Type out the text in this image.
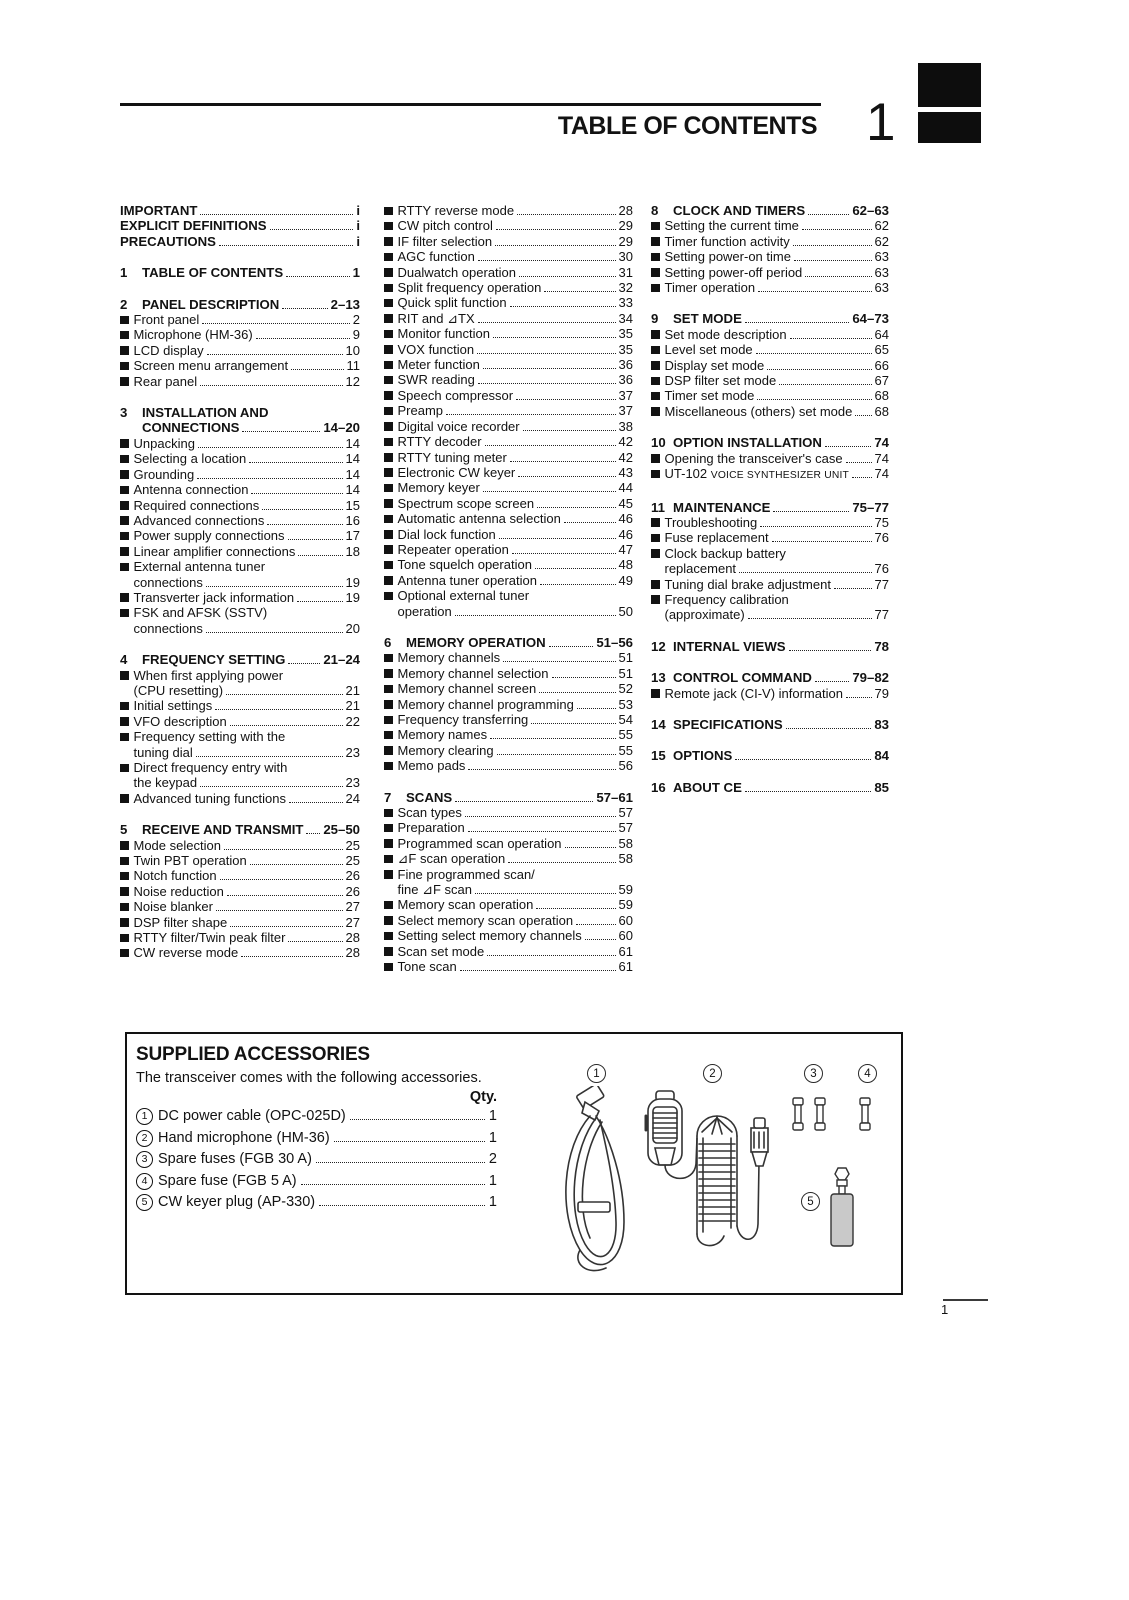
TABLE OF CONTENTS 1
IMPORTANT	i
EXPLICIT DEFINITIONS	i
PRECAUTIONS	i
1	TABLE OF CONTENTS	1
2	PANEL DESCRIPTION	2–13
Front panel	2
Microphone (HM-36)	9
LCD display	10
Screen menu arrangement	11
Rear panel	12
3	INSTALLATION AND
CONNECTIONS	14–20
Unpacking	14
Selecting a location	14
Grounding	14
Antenna connection	14
Required connections	15
Advanced connections	16
Power supply connections	17
Linear amplifier connections	18
External antenna tuner
connections	19
Transverter jack information	19
FSK and AFSK (SSTV)
connections	20
4	FREQUENCY SETTING	21–24
When first applying power
(CPU resetting)	21
Initial settings	21
VFO description	22
Frequency setting with the
tuning dial	23
Direct frequency entry with
the keypad	23
Advanced tuning functions	24
5	RECEIVE AND TRANSMIT 25–50
Mode selection	25
Twin PBT operation	25
Notch function	26
Noise reduction	26
Noise blanker	27
DSP filter shape	27
RTTY filter/Twin peak filter	28
CW reverse mode	28
RTTY reverse mode	28
CW pitch control	29
IF filter selection	29
AGC function	30
Dualwatch operation	31
Split frequency operation	32
Quick split function	33
RIT and ⊿TX	34
Monitor function	35
VOX function	35
Meter function	36
SWR reading	36
Speech compressor	37
Preamp	37
Digital voice recorder	38
RTTY decoder	42
RTTY tuning meter	42
Electronic CW keyer	43
Memory keyer	44
Spectrum scope screen	45
Automatic antenna selection	46
Dial lock function	46
Repeater operation	47
Tone squelch operation	48
Antenna tuner operation	49
Optional external tuner
operation	50
6	MEMORY OPERATION	51–56
Memory channels	51
Memory channel selection	51
Memory channel screen	52
Memory channel programming	53
Frequency transferring	54
Memory names	55
Memory clearing	55
Memo pads	56
7	SCANS	57–61
Scan types	57
Preparation	57
Programmed scan operation	58
⊿F scan operation	58
Fine programmed scan/
fine ⊿F scan	59
Memory scan operation	59
Select memory scan operation	60
Setting select memory channels	60
Scan set mode	61
Tone scan	61
8	CLOCK AND TIMERS	62–63
Setting the current time	62
Timer function activity	62
Setting power-on time	63
Setting power-off period	63
Timer operation	63
9	SET MODE	64–73
Set mode description	64
Level set mode	65
Display set mode	66
DSP filter set mode	67
Timer set mode	68
Miscellaneous (others) set mode 68
10 OPTION INSTALLATION	74
Opening the transceiver's case 74
UT-102 VOICE SYNTHESIZER UNIT 74
11 MAINTENANCE	75–77
Troubleshooting	75
Fuse replacement	76
Clock backup battery
replacement	76
Tuning dial brake adjustment	77
Frequency calibration
(approximate)	77
12 INTERNAL VIEWS	78
13 CONTROL COMMAND	79–82
Remote jack (CI-V) information 79
14 SPECIFICATIONS	83
15 OPTIONS	84
16 ABOUT CE	85
SUPPLIED ACCESSORIES
The transceiver comes with the following accessories.
Qty.
1 DC power cable (OPC-025D)	1
2 Hand microphone (HM-36)	1
3 Spare fuses (FGB 30 A)	2
4 Spare fuse (FGB 5 A)	1
5 CW keyer plug (AP-330)	1
1	2	3	4
5
1
